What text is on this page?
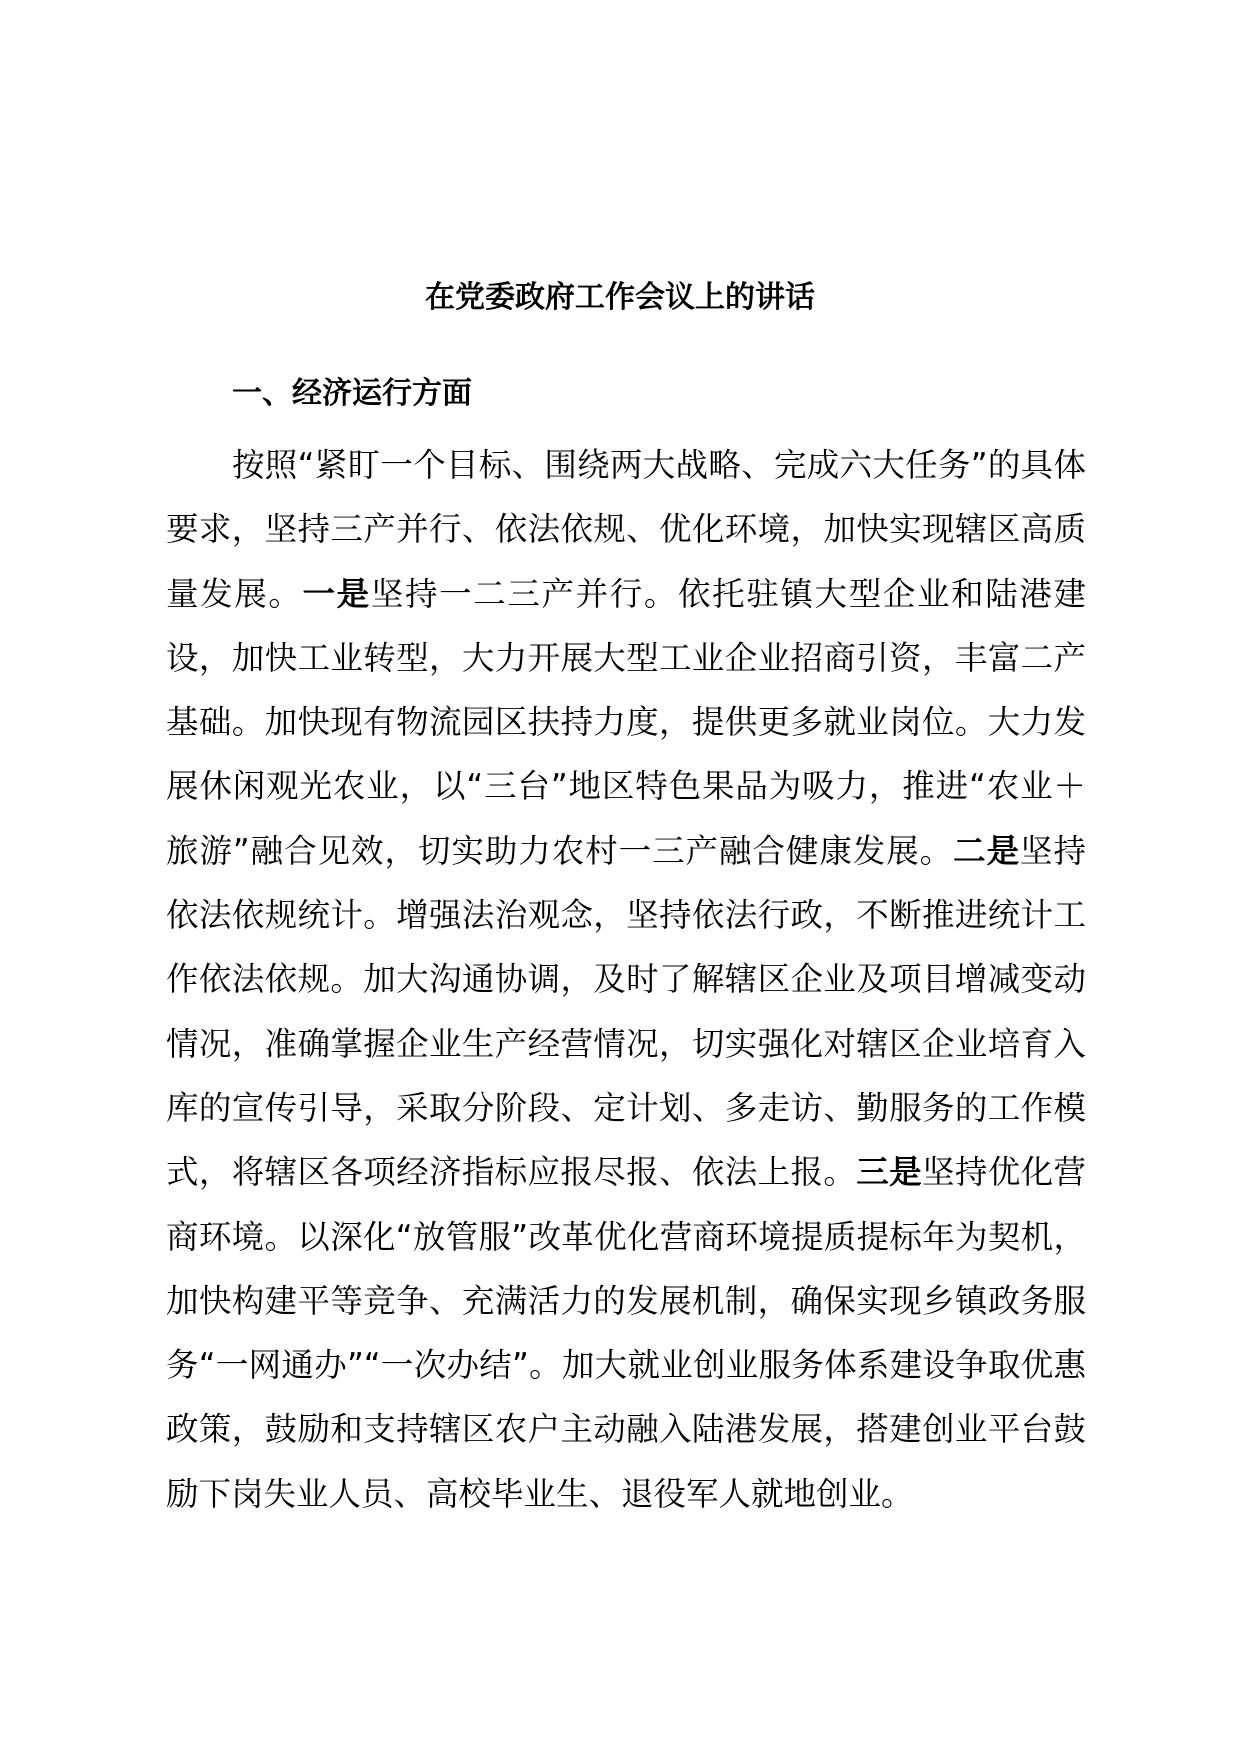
在党委政府工作会议上的讲话
一、经济运行方面

按照“紧盯一个目标、围绕两大战略、完成六大任务”的具体要求，坚持三产并行、依法依规、优化环境，加快实现辖区高质量发展。一是坚持一二三产并行。依托驻镇大型企业和陆港建设，加快工业转型，大力开展大型工业企业招商引资，丰富二产基础。加快现有物流园区扶持力度，提供更多就业岗位。大力发展休闲观光农业，以“三台”地区特色果品为吸力，推进“农业＋旅游”融合见效，切实助力农村一三产融合健康发展。二是坚持依法依规统计。增强法治观念，坚持依法行政，不断推进统计工作依法依规。加大沟通协调，及时了解辖区企业及项目增减变动情况，准确掌握企业生产经营情况，切实强化对辖区企业培育入库的宣传引导，采取分阶段、定计划、多走访、勤服务的工作模式，将辖区各项经济指标应报尽报、依法上报。三是坚持优化营商环境。以深化“放管服”改革优化营商环境提质提标年为契机，加快构建平等竞争、充满活力的发展机制，确保实现乡镇政务服务“一网通办”“一次办结”。加大就业创业服务体系建设争取优惠政策，鼓励和支持辖区农户主动融入陆港发展，搭建创业平台鼓励下岗失业人员、高校毕业生、退役军人就地创业。
